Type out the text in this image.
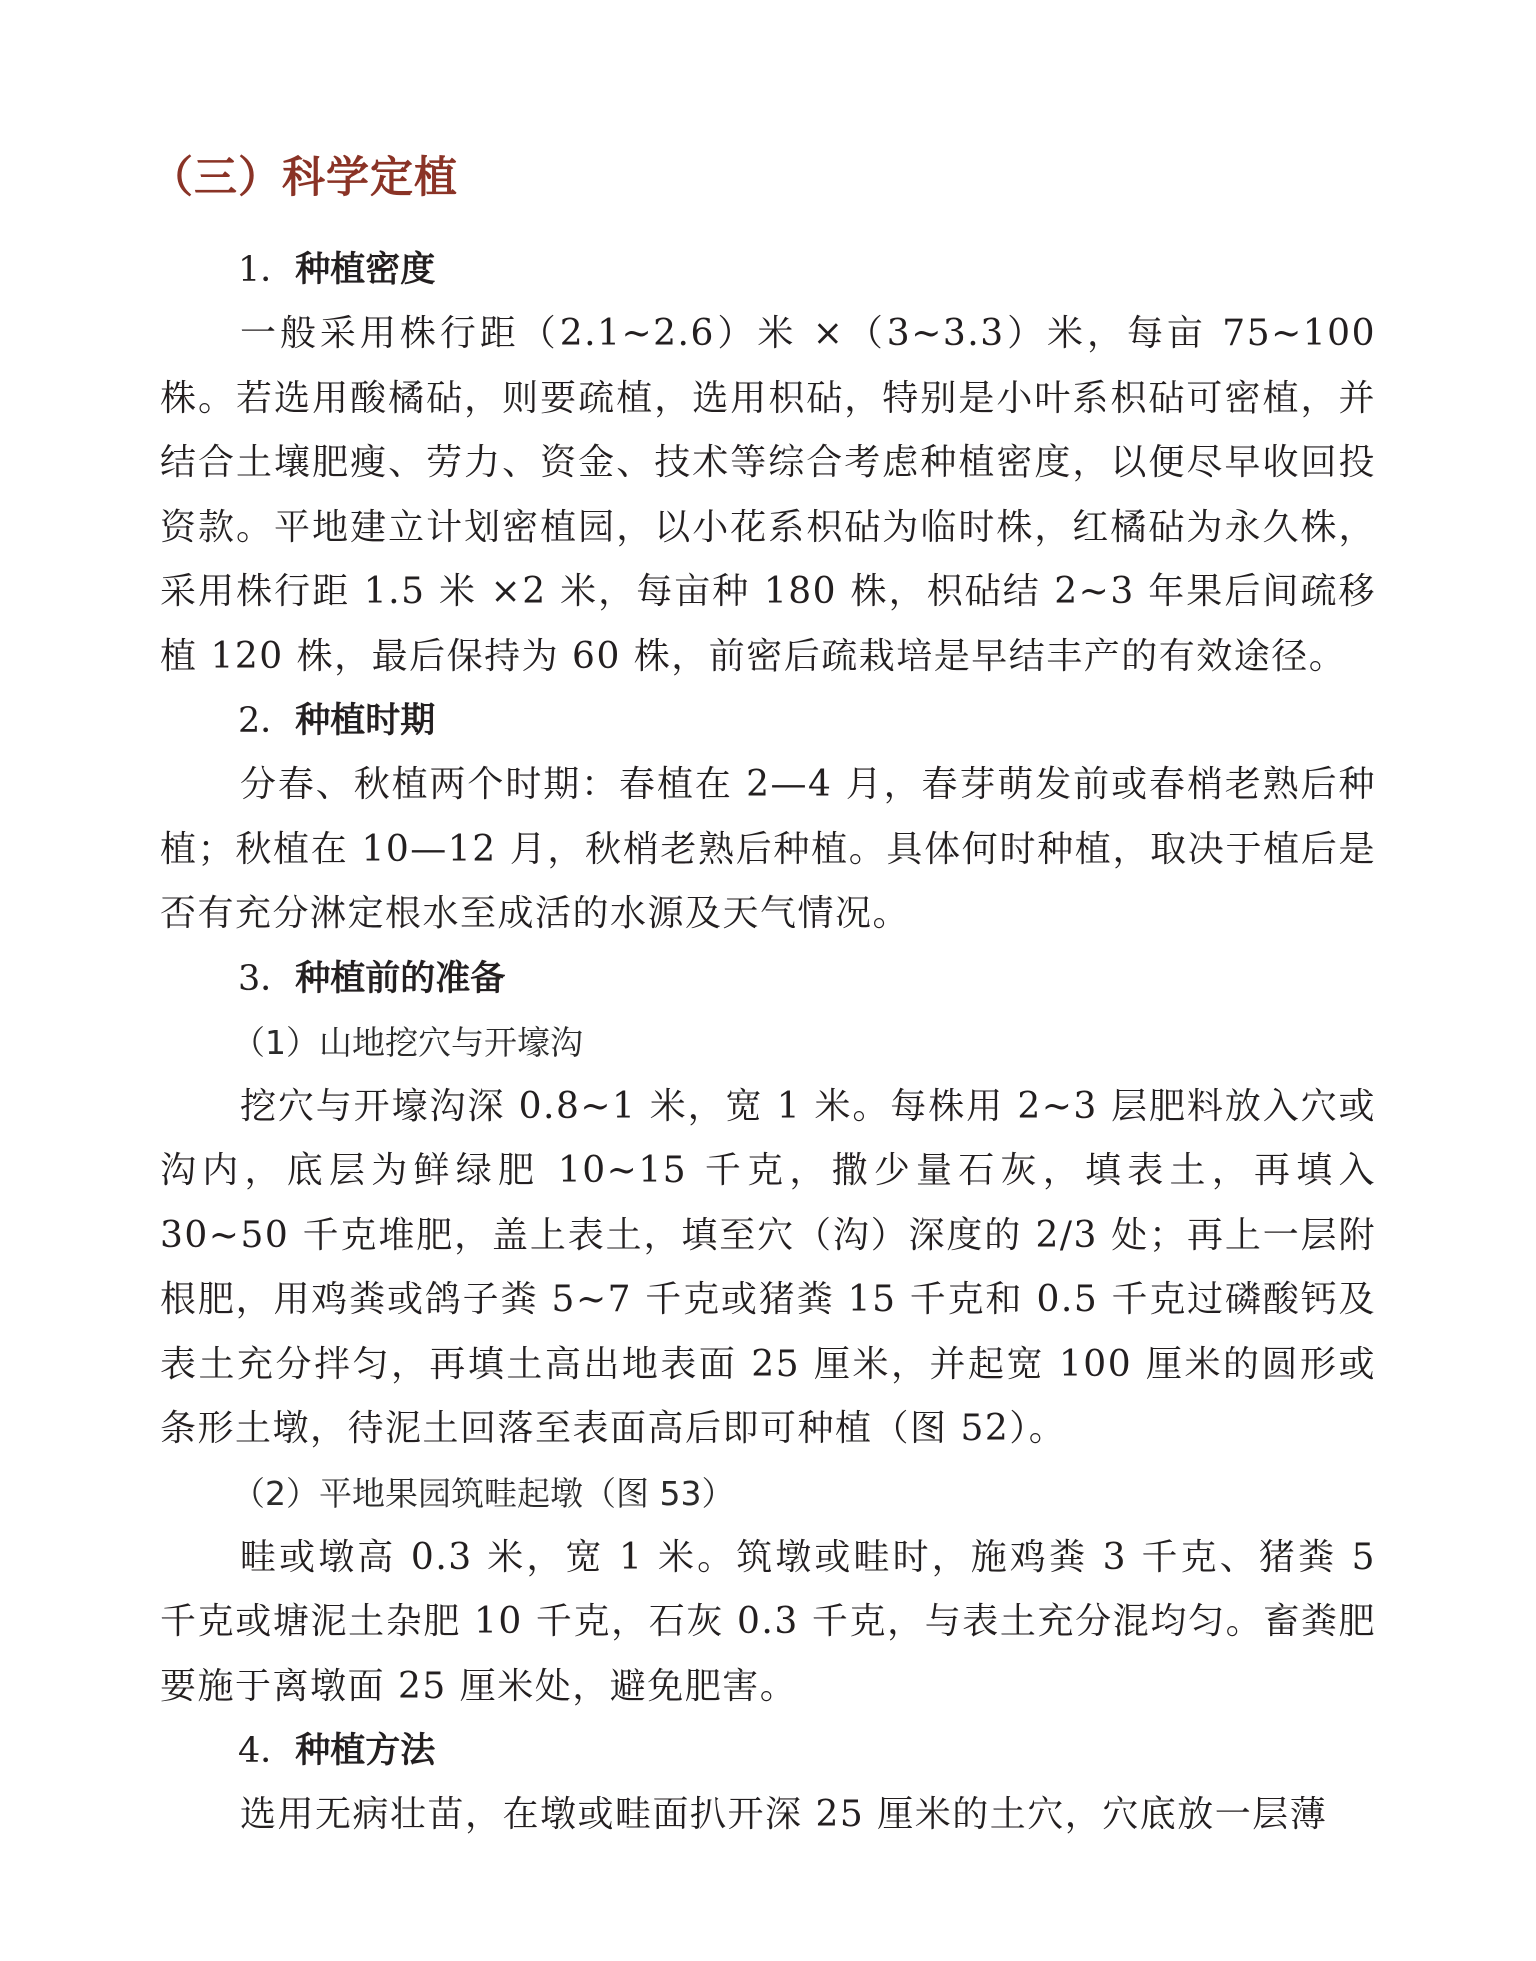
（三）科学定植
1．种植密度

一般采用株行距（2.1~2.6）米 ×（3~3.3）米，每亩 75~100 株。若选用酸橘砧，则要疏植，选用枳砧，特别是小叶系枳砧可密植，并结合土壤肥瘦、劳力、资金、技术等综合考虑种植密度，以便尽早收回投资款。平地建立计划密植园，以小花系枳砧为临时株，红橘砧为永久株，采用株行距 1.5 米 ×2 米，每亩种 180 株，枳砧结 2~3 年果后间疏移植 120 株，最后保持为 60 株，前密后疏栽培是早结丰产的有效途径。

2．种植时期

分春、秋植两个时期：春植在 2—4 月，春芽萌发前或春梢老熟后种植；秋植在 10—12 月，秋梢老熟后种植。具体何时种植，取决于植后是否有充分淋定根水至成活的水源及天气情况。

3．种植前的准备
（1）山地挖穴与开壕沟

挖穴与开壕沟深 0.8~1 米，宽 1 米。每株用 2~3 层肥料放入穴或沟内，底层为鲜绿肥 10~15 千克，撒少量石灰，填表土，再填入 30~50 千克堆肥，盖上表土，填至穴（沟）深度的 2/3 处；再上一层附根肥，用鸡粪或鸽子粪 5~7 千克或猪粪 15 千克和 0.5 千克过磷酸钙及表土充分拌匀，再填土高出地表面 25 厘米，并起宽 100 厘米的圆形或条形土墩，待泥土回落至表面高后即可种植（图 52）。

（2）平地果园筑畦起墩（图 53）

畦或墩高 0.3 米，宽 1 米。筑墩或畦时，施鸡粪 3 千克、猪粪 5 千克或塘泥土杂肥 10 千克，石灰 0.3 千克，与表土充分混均匀。畜粪肥要施于离墩面 25 厘米处，避免肥害。

4．种植方法

选用无病壮苗，在墩或畦面扒开深 25 厘米的土穴，穴底放一层薄
